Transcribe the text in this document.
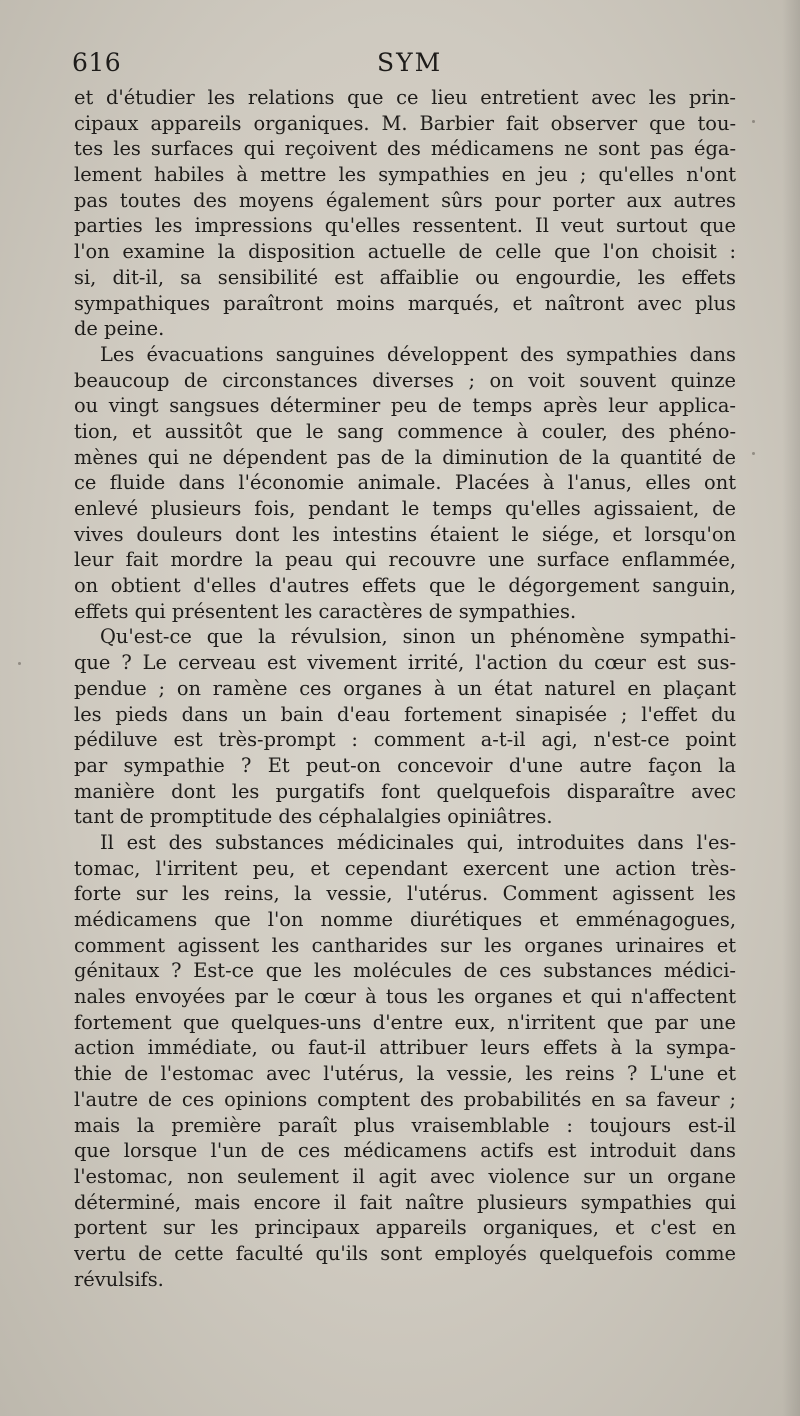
616	SYM
et d'étudier les relations que ce lieu entretient avec les prin-
cipaux appareils organiques. M. Barbier fait observer que tou-
tes les surfaces qui reçoivent des médicamens ne sont pas éga-
lement habiles à mettre les sympathies en jeu ; qu'elles n'ont
pas toutes des moyens également sûrs pour porter aux autres
parties les impressions qu'elles ressentent. Il veut surtout que
l'on examine la disposition actuelle de celle que l'on choisit :
si, dit-il, sa sensibilité est affaiblie ou engourdie, les effets
sympathiques paraîtront moins marqués, et naîtront avec plus
de peine.
Les évacuations sanguines développent des sympathies dans
beaucoup de circonstances diverses ; on voit souvent quinze
ou vingt sangsues déterminer peu de temps après leur applica-
tion, et aussitôt que le sang commence à couler, des phéno-
mènes qui ne dépendent pas de la diminution de la quantité de
ce fluide dans l'économie animale. Placées à l'anus, elles ont
enlevé plusieurs fois, pendant le temps qu'elles agissaient, de
vives douleurs dont les intestins étaient le siége, et lorsqu'on
leur fait mordre la peau qui recouvre une surface enflammée,
on obtient d'elles d'autres effets que le dégorgement sanguin,
effets qui présentent les caractères de sympathies.
Qu'est-ce que la révulsion, sinon un phénomène sympathi-
que ? Le cerveau est vivement irrité, l'action du cœur est sus-
pendue ; on ramène ces organes à un état naturel en plaçant
les pieds dans un bain d'eau fortement sinapisée ; l'effet du
pédiluve est très-prompt : comment a-t-il agi, n'est-ce point
par sympathie ? Et peut-on concevoir d'une autre façon la
manière dont les purgatifs font quelquefois disparaître avec
tant de promptitude des céphalalgies opiniâtres.
Il est des substances médicinales qui, introduites dans l'es-
tomac, l'irritent peu, et cependant exercent une action très-
forte sur les reins, la vessie, l'utérus. Comment agissent les
médicamens que l'on nomme diurétiques et emménagogues,
comment agissent les cantharides sur les organes urinaires et
génitaux ? Est-ce que les molécules de ces substances médici-
nales envoyées par le cœur à tous les organes et qui n'affectent
fortement que quelques-uns d'entre eux, n'irritent que par une
action immédiate, ou faut-il attribuer leurs effets à la sympa-
thie de l'estomac avec l'utérus, la vessie, les reins ? L'une et
l'autre de ces opinions comptent des probabilités en sa faveur ;
mais la première paraît plus vraisemblable : toujours est-il
que lorsque l'un de ces médicamens actifs est introduit dans
l'estomac, non seulement il agit avec violence sur un organe
déterminé, mais encore il fait naître plusieurs sympathies qui
portent sur les principaux appareils organiques, et c'est en
vertu de cette faculté qu'ils sont employés quelquefois comme
révulsifs.
